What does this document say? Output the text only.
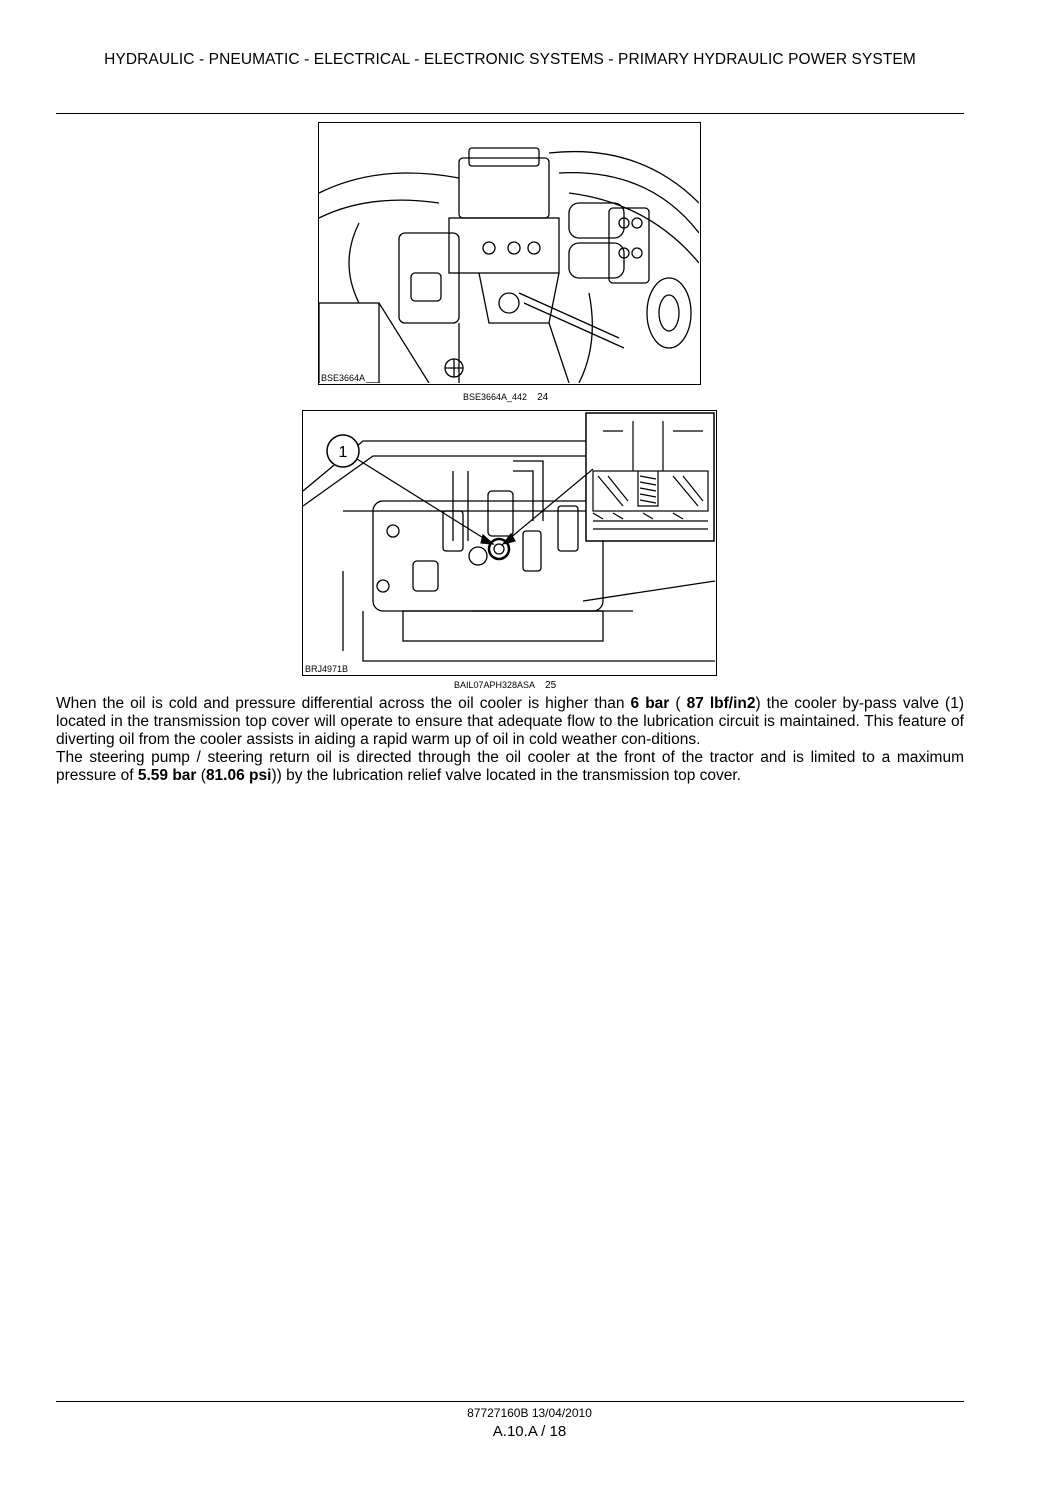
HYDRAULIC - PNEUMATIC - ELECTRICAL - ELECTRONIC SYSTEMS - PRIMARY HYDRAULIC POWER SYSTEM
BSE3664A
BSE3664A_442 24
1
BRJ4971B
BAIL07APH328ASA 25

When the oil is cold and pressure differential across the oil cooler is higher than 6 bar ( 87 lbf/in2) the cooler by-pass valve (1) located in the transmission top cover will operate to ensure that adequate flow to the lubrication circuit is maintained. This feature of diverting oil from the cooler assists in aiding a rapid warm up of oil in cold weather con-ditions.

The steering pump / steering return oil is directed through the oil cooler at the front of the tractor and is limited to a maximum pressure of 5.59 bar (81.06 psi)) by the lubrication relief valve located in the transmission top cover.

87727160B 13/04/2010
A.10.A / 18
